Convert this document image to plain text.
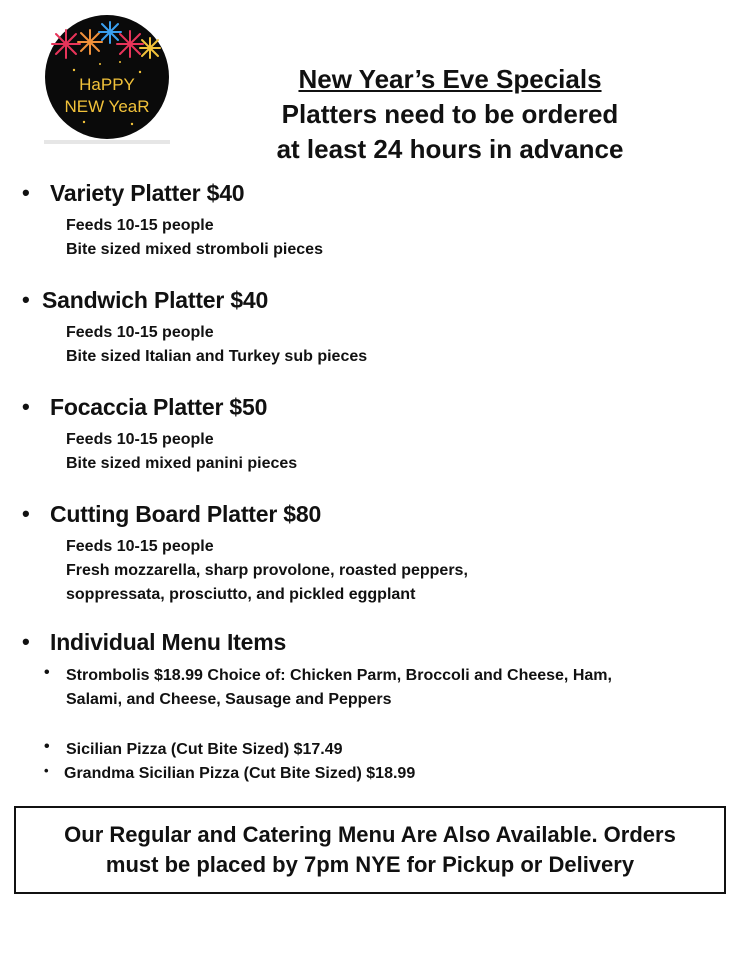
HaPPY
NEW YeaR
New Year’s Eve Specials
Platters need to be ordered
at least 24 hours in advance
• Variety Platter $40
Feeds 10-15 people
Bite sized mixed stromboli pieces
• Sandwich Platter $40
Feeds 10-15 people
Bite sized Italian and Turkey sub pieces
• Focaccia Platter $50
Feeds 10-15 people
Bite sized mixed panini pieces
• Cutting Board Platter $80
Feeds 10-15 people
Fresh mozzarella, sharp provolone, roasted peppers,
soppressata, prosciutto, and pickled eggplant
• Individual Menu Items
• Strombolis $18.99 Choice of: Chicken Parm, Broccoli and Cheese, Ham,
Salami, and Cheese, Sausage and Peppers
• Sicilian Pizza (Cut Bite Sized) $17.49
• Grandma Sicilian Pizza (Cut Bite Sized) $18.99
Our Regular and Catering Menu Are Also Available. Orders
must be placed by 7pm NYE for Pickup or Delivery
